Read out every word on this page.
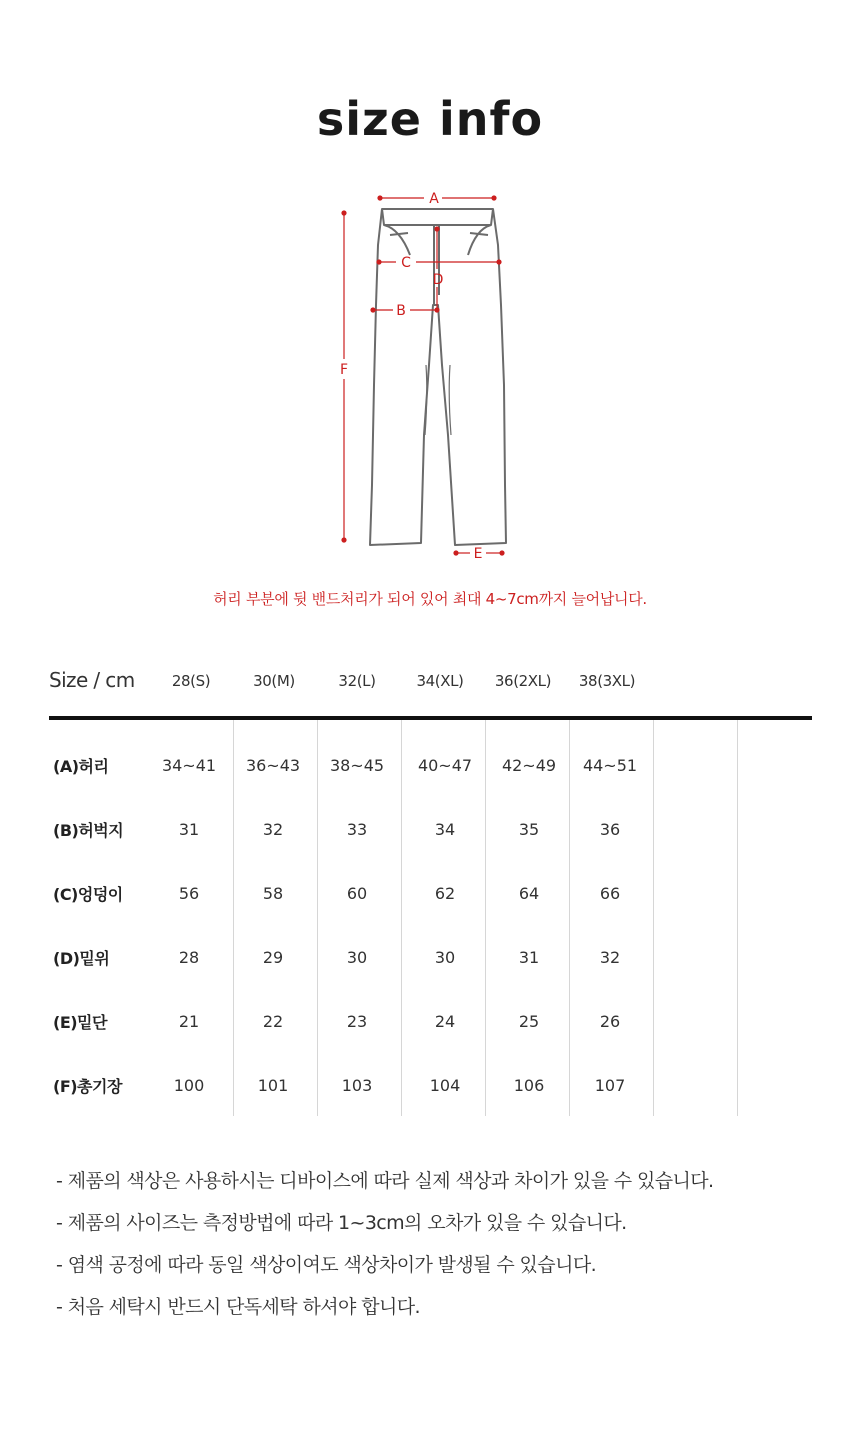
size info
A
C
D
B
F
E
허리 부분에 뒷 밴드처리가 되어 있어 최대 4~7cm까지 늘어납니다.
Size / cm 28(S)	30(M)	32(L)	34(XL) 36(2XL) 38(3XL)
(A)허리	34~41 36~43 38~45 40~47 42~49 44~51
(B)허벅지	31	32	33	34	35	36
(C)엉덩이	56	58	60	62	64	66
(D)밑위	28	29	30	30	31	32
(E)밑단	21	22	23	24	25	26
(F)총기장	100	101	103	104	106	107
- 제품의 색상은 사용하시는 디바이스에 따라 실제 색상과 차이가 있을 수 있습니다.
- 제품의 사이즈는 측정방법에 따라 1~3cm의 오차가 있을 수 있습니다.
- 염색 공정에 따라 동일 색상이여도 색상차이가 발생될 수 있습니다.
- 처음 세탁시 반드시 단독세탁 하셔야 합니다.
